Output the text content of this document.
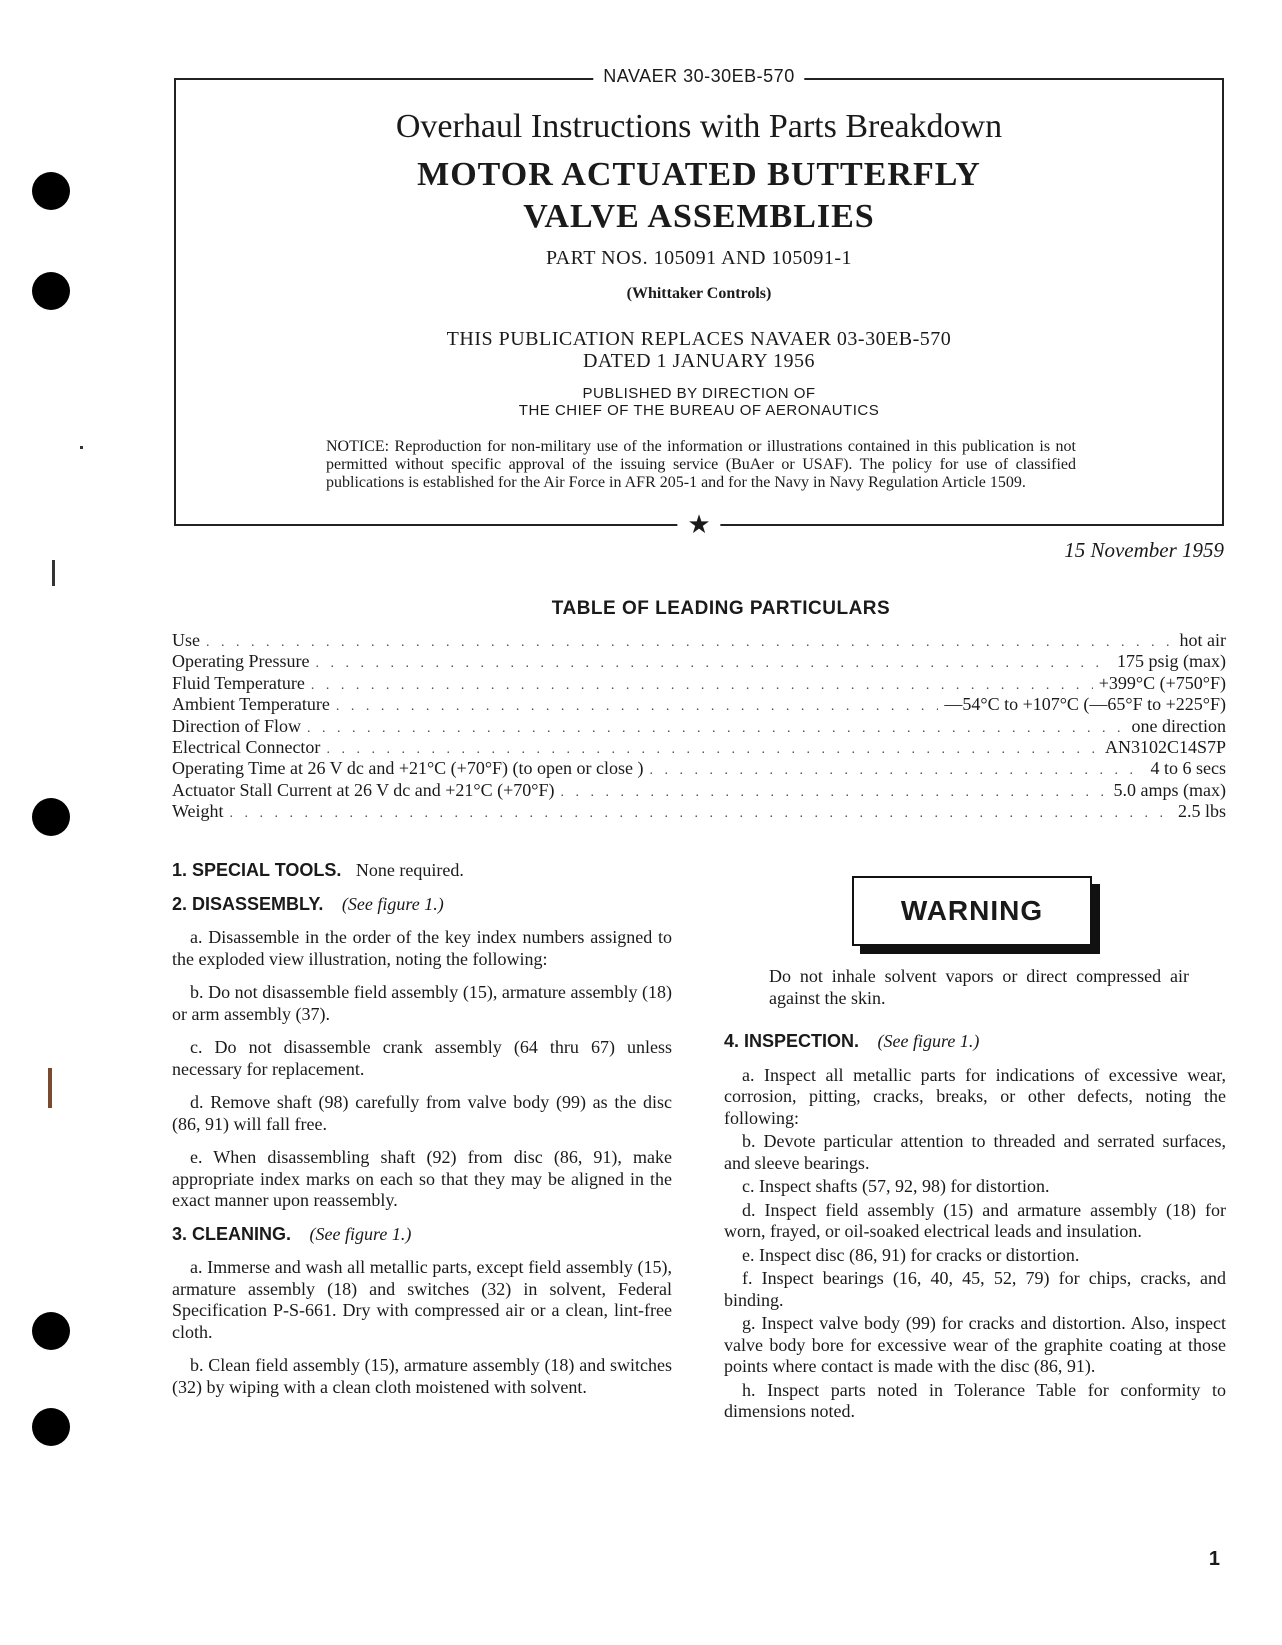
NAVAER 30-30EB-570
Overhaul Instructions with Parts Breakdown
MOTOR ACTUATED BUTTERFLY
VALVE ASSEMBLIES
PART NOS. 105091 AND 105091-1
(Whittaker Controls)
THIS PUBLICATION REPLACES NAVAER 03-30EB-570
DATED 1 JANUARY 1956
PUBLISHED BY DIRECTION OF
THE CHIEF OF THE BUREAU OF AERONAUTICS
NOTICE: Reproduction for non-military use of the information or illustrations contained in this publication is not permitted without specific approval of the issuing service (BuAer or USAF). The policy for use of classified publications is established for the Air Force in AFR 205-1 and for the Navy in Navy Regulation Article 1509.
★
15 November 1959
TABLE OF LEADING PARTICULARS
Use . . .	hot air
Operating Pressure . . .	175 psig (max)
Fluid Temperature . . .	+399°C (+750°F)
Ambient Temperature . . .	—54°C to +107°C (—65°F to +225°F)
Direction of Flow . . .	one direction
Electrical Connector . . .	AN3102C14S7P
Operating Time at 26 V dc and +21°C (+70°F) (to open or close ) . . .	4 to 6 secs
Actuator Stall Current at 26 V dc and +21°C (+70°F) . . .	5.0 amps (max)
Weight . . .	2.5 lbs
1. SPECIAL TOOLS. None required.
2. DISASSEMBLY. (See figure 1.)

a. Disassemble in the order of the key index numbers assigned to the exploded view illustration, noting the following:

b. Do not disassemble field assembly (15), armature assembly (18) or arm assembly (37).

c. Do not disassemble crank assembly (64 thru 67) unless necessary for replacement.

d. Remove shaft (98) carefully from valve body (99) as the disc (86, 91) will fall free.

e. When disassembling shaft (92) from disc (86, 91), make appropriate index marks on each so that they may be aligned in the exact manner upon reassembly.

3. CLEANING. (See figure 1.)

a. Immerse and wash all metallic parts, except field assembly (15), armature assembly (18) and switches (32) in solvent, Federal Specification P-S-661. Dry with compressed air or a clean, lint-free cloth.

b. Clean field assembly (15), armature assembly (18) and switches (32) by wiping with a clean cloth moistened with solvent.

WARNING

Do not inhale solvent vapors or direct compressed air against the skin.

4. INSPECTION. (See figure 1.)

a. Inspect all metallic parts for indications of excessive wear, corrosion, pitting, cracks, breaks, or other defects, noting the following:

b. Devote particular attention to threaded and serrated surfaces, and sleeve bearings.

c. Inspect shafts (57, 92, 98) for distortion.

d. Inspect field assembly (15) and armature assembly (18) for worn, frayed, or oil-soaked electrical leads and insulation.

e. Inspect disc (86, 91) for cracks or distortion.

f. Inspect bearings (16, 40, 45, 52, 79) for chips, cracks, and binding.

g. Inspect valve body (99) for cracks and distortion. Also, inspect valve body bore for excessive wear of the graphite coating at those points where contact is made with the disc (86, 91).

h. Inspect parts noted in Tolerance Table for conformity to dimensions noted.

1
